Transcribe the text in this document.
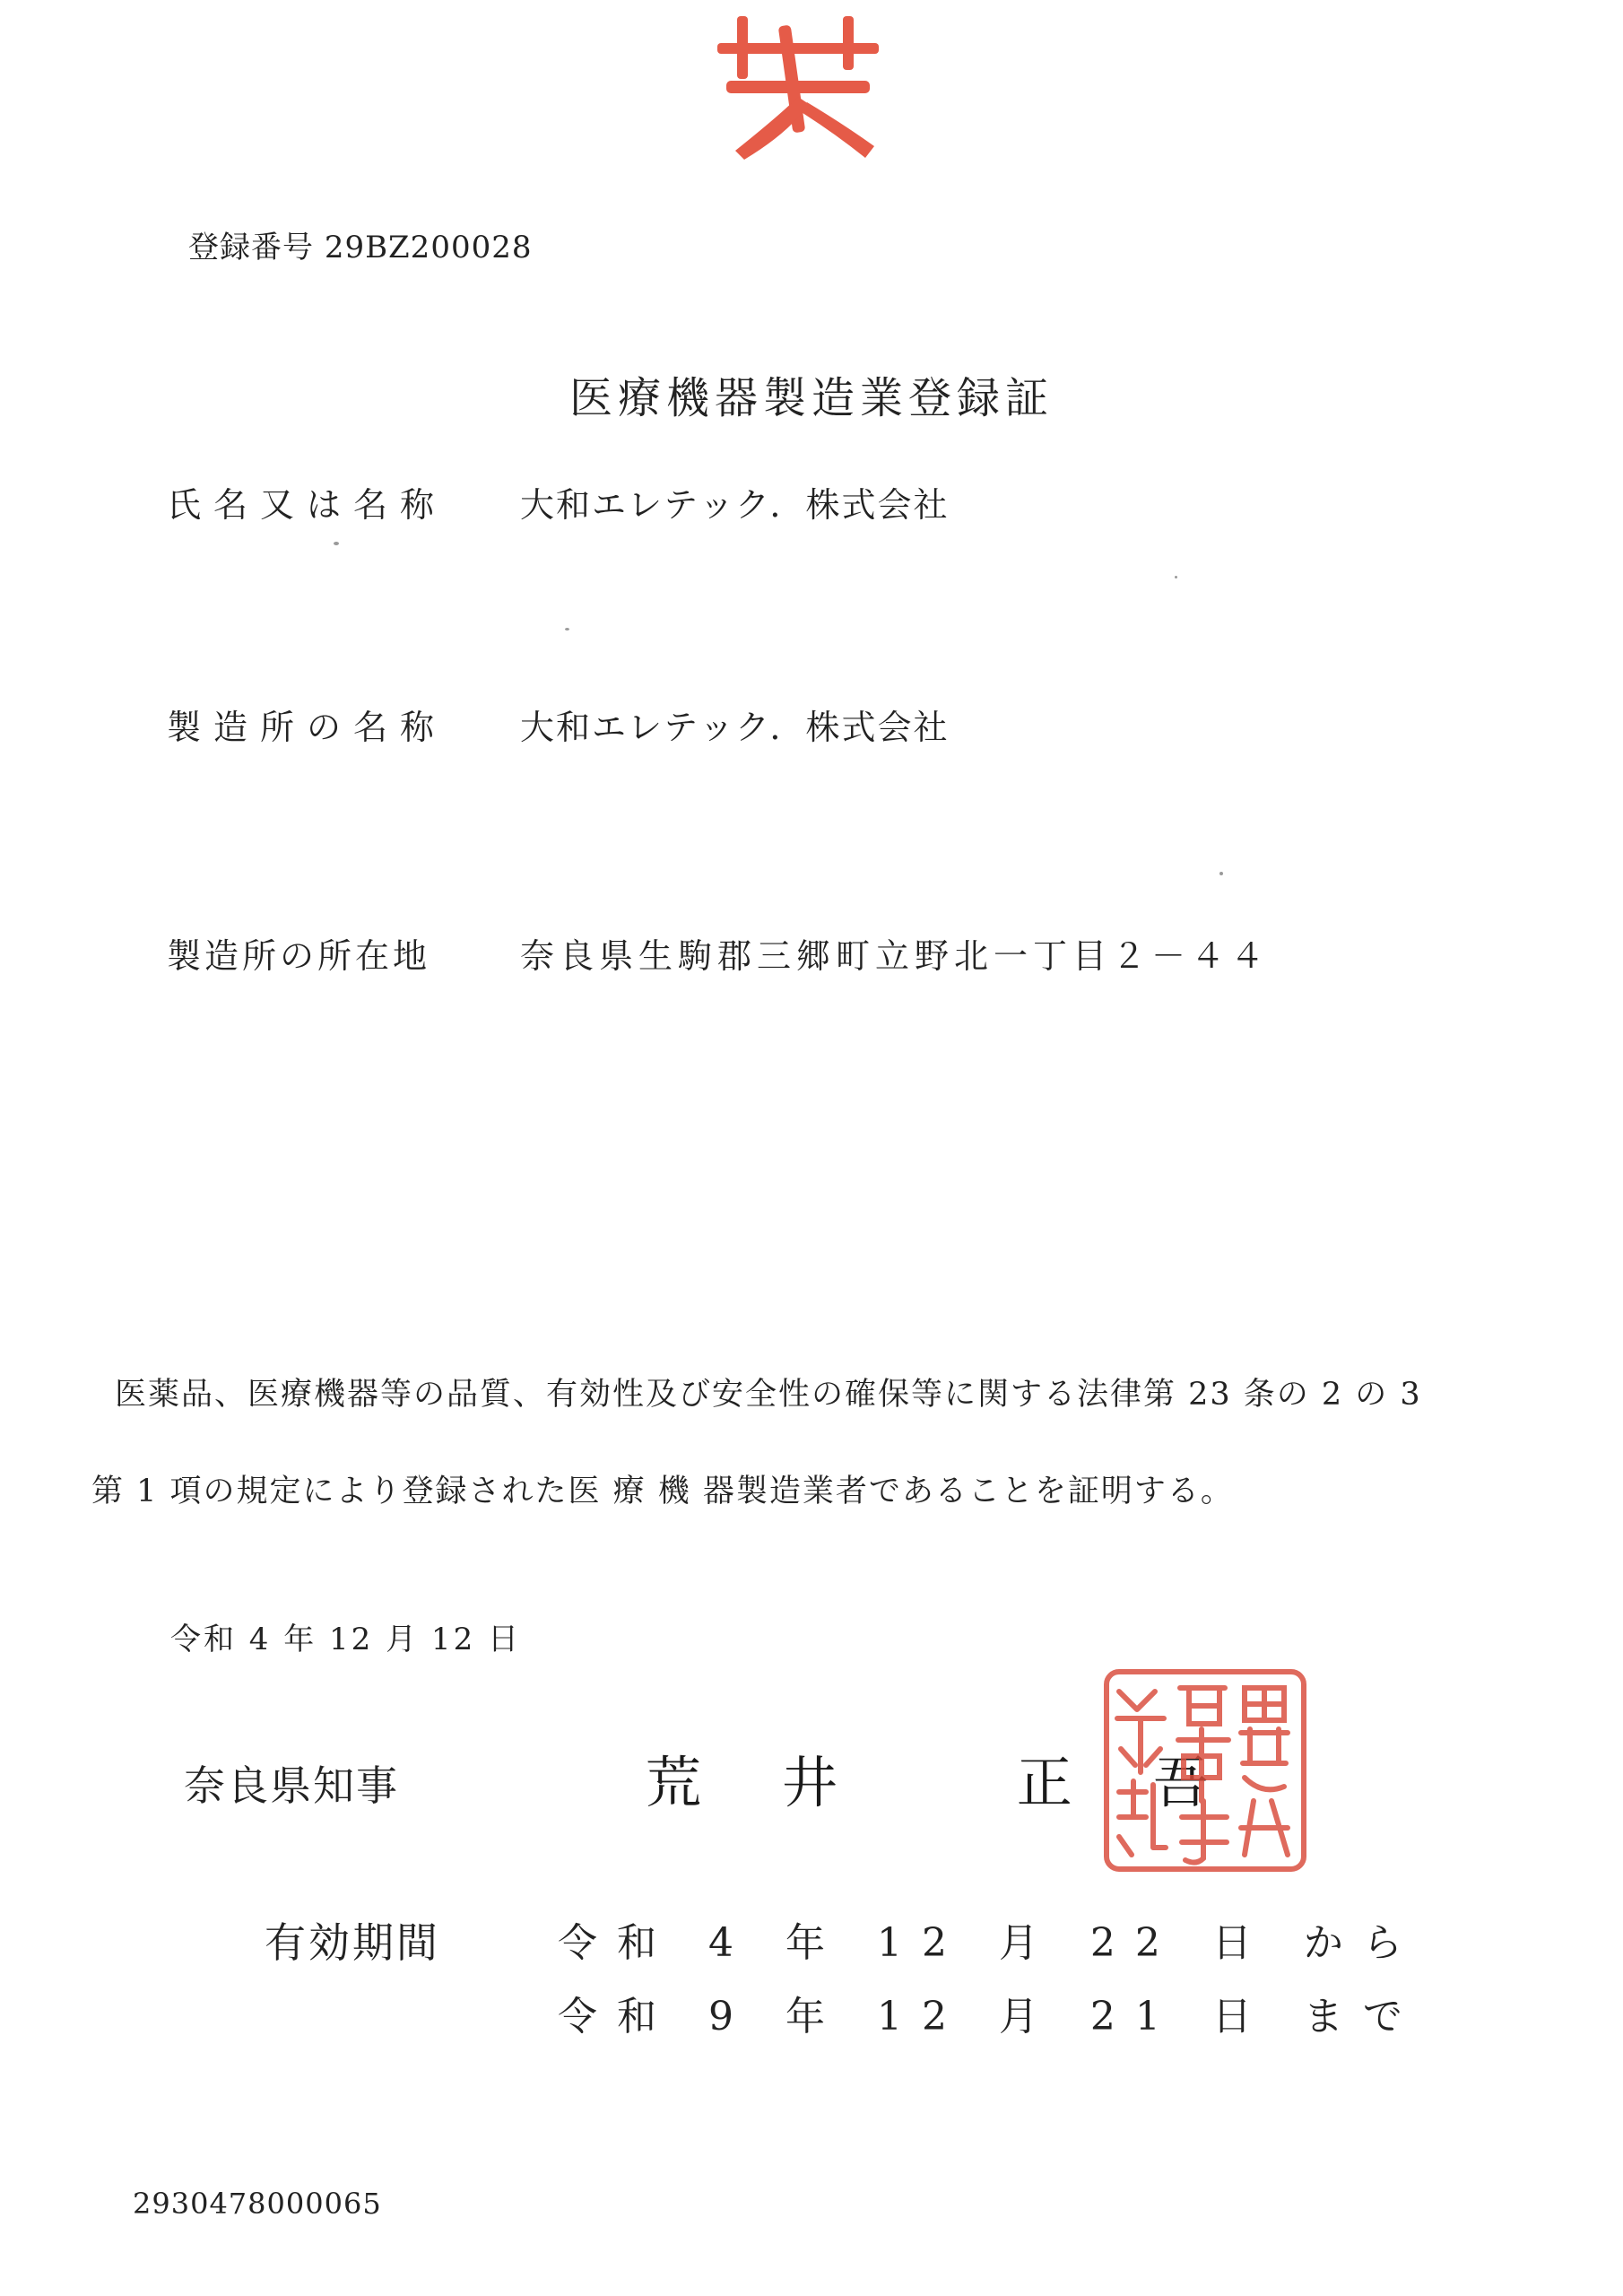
登録番号 29BZ200028
医療機器製造業登録証
氏名又は名称 大和エレテック．株式会社
製造所の名称 大和エレテック．株式会社
製造所の所在地	奈良県生駒郡三郷町立野北一丁目２－４４
医薬品、医療機器等の品質、有効性及び安全性の確保等に関する法律第 23 条の 2 の 3
第 1 項の規定により登録された医 療 機 器製造業者であることを証明する。
令和 4 年 12 月 12 日
奈良県知事	荒井 正吾
有効期間	令和 4 年 12 月 22 日 から
令和 9 年 12 月 21 日 まで
2930478000065
